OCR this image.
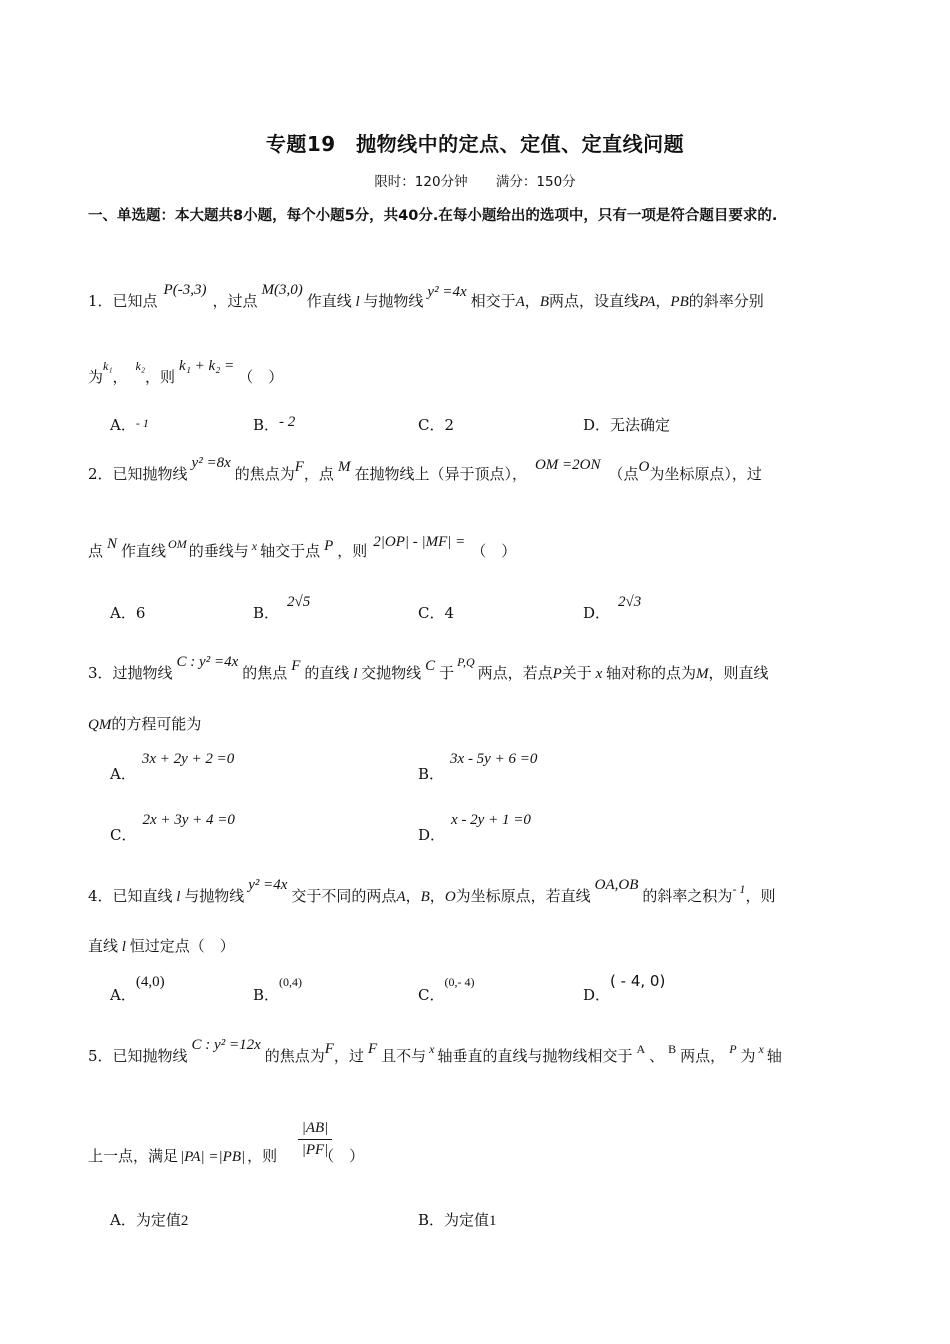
专题19　抛物线中的定点、定值、定直线问题
限时：120分钟 满分：150分
一、单选题：本大题共8小题，每个小题5分，共40分.在每小题给出的选项中，只有一项是符合题目要求的.
1．已知点P(-3,3)，过点M(3,0)作直线 l 与抛物线 y² =4x 相交于A，B两点，设直线PA，PB的斜率分别
为$^{k_1}$，$^{k_2}$，则k₁ + k₂ =（　）
A．$^{- 1}$	B．- 2	C．2	D．无法确定
2．已知抛物线y² =8x的焦点为F，点 M 在抛物线上（异于顶点）， OM =2ON （点O为坐标原点），过
点 N 作直线 $^{OM}$ 的垂线与 $^x$ 轴交于点 P ，则 2|OP| - |MF| = （　）
A．6	B．2√5
C．4	D．2√3
3．过抛物线C : y² =4x的焦点 F 的直线 l 交抛物线 C 于$^{P,Q}$两点，若点P关于 x 轴对称的点为M，则直线
QM的方程可能为
A．3x + 2y + 2 =0
B．3x - 5y + 6 =0
C．2x + 3y + 4 =0
D．x - 2y + 1 =0
4．已知直线 l 与抛物线y² =4x交于不同的两点A，B，O为坐标原点，若直线OA,OB的斜率之积为$^{- 1}$，则
直线 l 恒过定点（　）
A．(4,0)
B．$^{(0,4)}$
C．$^{(0,- 4)}$
D．( - 4, 0)
5．已知抛物线C : y² =12x的焦点为F，过 F 且不与 $^x$ 轴垂直的直线与抛物线相交于 $^A$ 、 $^B$ 两点， $^P$ 为 $^x$ 轴
上一点，满足 |PA| =|PB| ，则	（　）
|AB|
|PF|
A．为定值2	B．为定值1
